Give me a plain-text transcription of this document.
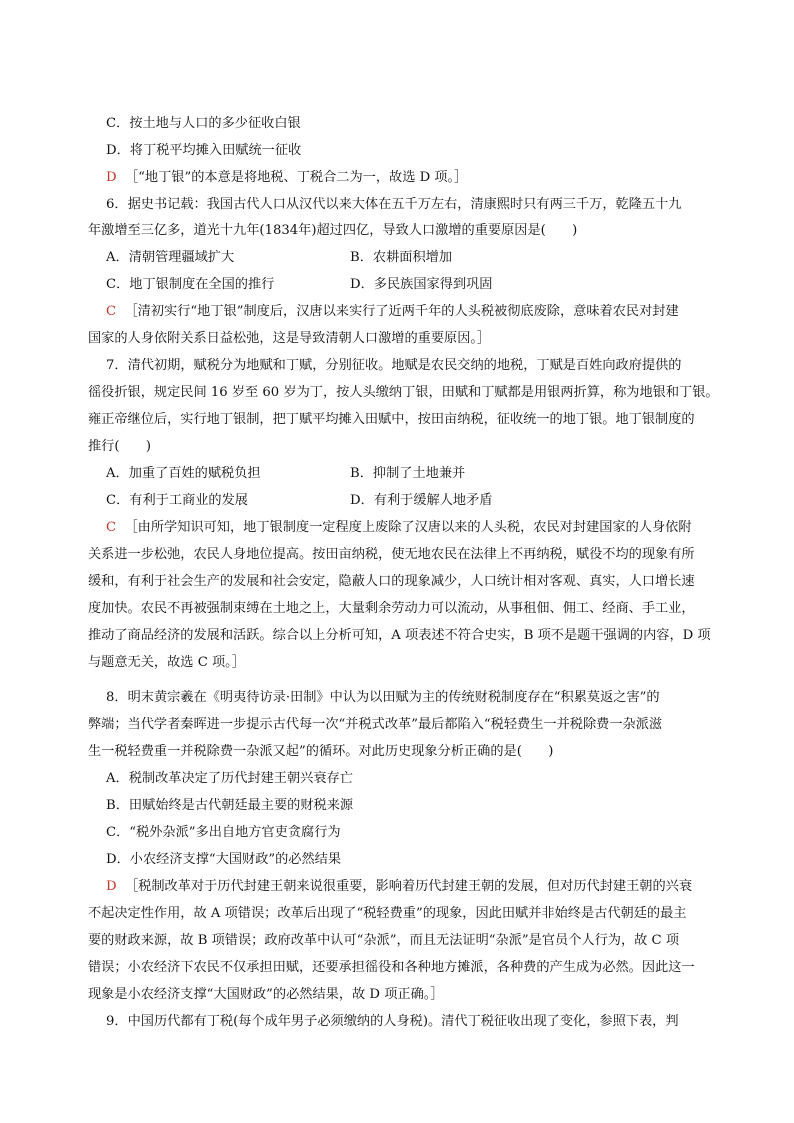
C．按土地与人口的多少征收白银
D．将丁税平均摊入田赋统一征收
D ［“地丁银”的本意是将地税、丁税合二为一，故选 D 项。］
6．据史书记载：我国古代人口从汉代以来大体在五千万左右，清康熙时只有两三千万，乾隆五十九
年激增至三亿多，道光十九年(1834年)超过四亿，导致人口激增的重要原因是(　　)
A．清朝管理疆域扩大	B．农耕面积增加
C．地丁银制度在全国的推行	D．多民族国家得到巩固
C ［清初实行“地丁银”制度后，汉唐以来实行了近两千年的人头税被彻底废除，意味着农民对封建
国家的人身依附关系日益松弛，这是导致清朝人口激增的重要原因。］
7．清代初期，赋税分为地赋和丁赋，分别征收。地赋是农民交纳的地税，丁赋是百姓向政府提供的
徭役折银，规定民间 16 岁至 60 岁为丁，按人头缴纳丁银，田赋和丁赋都是用银两折算，称为地银和丁银。
雍正帝继位后，实行地丁银制，把丁赋平均摊入田赋中，按田亩纳税，征收统一的地丁银。地丁银制度的
推行(　　)
A．加重了百姓的赋税负担	B．抑制了土地兼并
C．有利于工商业的发展	D．有利于缓解人地矛盾
C ［由所学知识可知，地丁银制度一定程度上废除了汉唐以来的人头税，农民对封建国家的人身依附
关系进一步松弛，农民人身地位提高。按田亩纳税，使无地农民在法律上不再纳税，赋役不均的现象有所
缓和，有利于社会生产的发展和社会安定，隐蔽人口的现象减少，人口统计相对客观、真实，人口增长速
度加快。农民不再被强制束缚在土地之上，大量剩余劳动力可以流动，从事租佃、佣工、经商、手工业，
推动了商品经济的发展和活跃。综合以上分析可知，A 项表述不符合史实，B 项不是题干强调的内容，D 项
与题意无关，故选 C 项。］
8．明末黄宗羲在《明夷待访录·田制》中认为以田赋为主的传统财税制度存在“积累莫返之害”的
弊端；当代学者秦晖进一步提示古代每一次“并税式改革”最后都陷入“税轻费生一并税除费一杂派滋
生一税轻费重一并税除费一杂派又起”的循环。对此历史现象分析正确的是(　　)
A．税制改革决定了历代封建王朝兴衰存亡
B．田赋始终是古代朝廷最主要的财税来源
C．“税外杂派”多出自地方官吏贪腐行为
D．小农经济支撑“大国财政”的必然结果
D ［税制改革对于历代封建王朝来说很重要，影响着历代封建王朝的发展，但对历代封建王朝的兴衰
不起决定性作用，故 A 项错误；改革后出现了“税轻费重”的现象，因此田赋并非始终是古代朝廷的最主
要的财政来源，故 B 项错误；政府改革中认可“杂派”，而且无法证明“杂派”是官员个人行为，故 C 项
错误；小农经济下农民不仅承担田赋，还要承担徭役和各种地方摊派，各种费的产生成为必然。因此这一
现象是小农经济支撑“大国财政”的必然结果，故 D 项正确。］
9．中国历代都有丁税(每个成年男子必须缴纳的人身税)。清代丁税征收出现了变化，参照下表，判
